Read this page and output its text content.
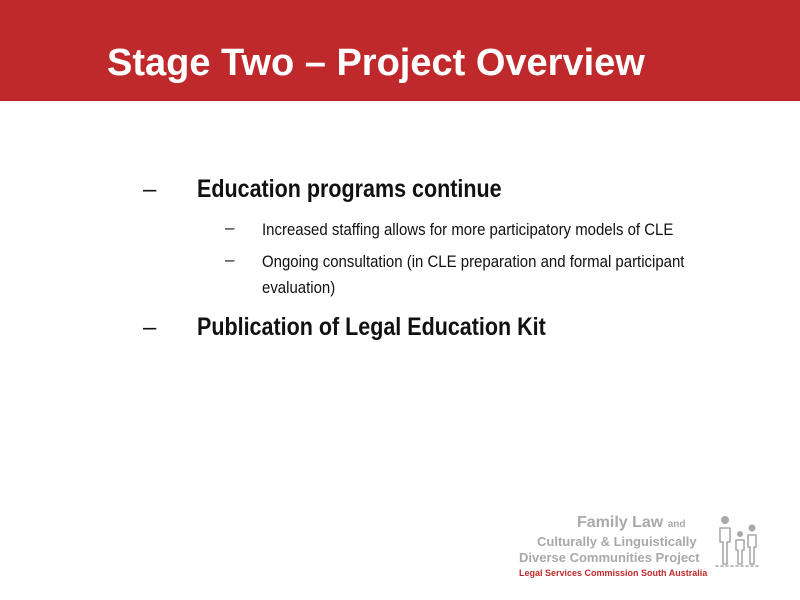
Stage Two – Project Overview
– Education programs continue
– Increased staffing allows for more participatory models of CLE
– Ongoing consultation (in CLE preparation and formal participant evaluation)
– Publication of Legal Education Kit
Family Law and
Culturally & Linguistically
Diverse Communities Project
Legal Services Commission South Australia
